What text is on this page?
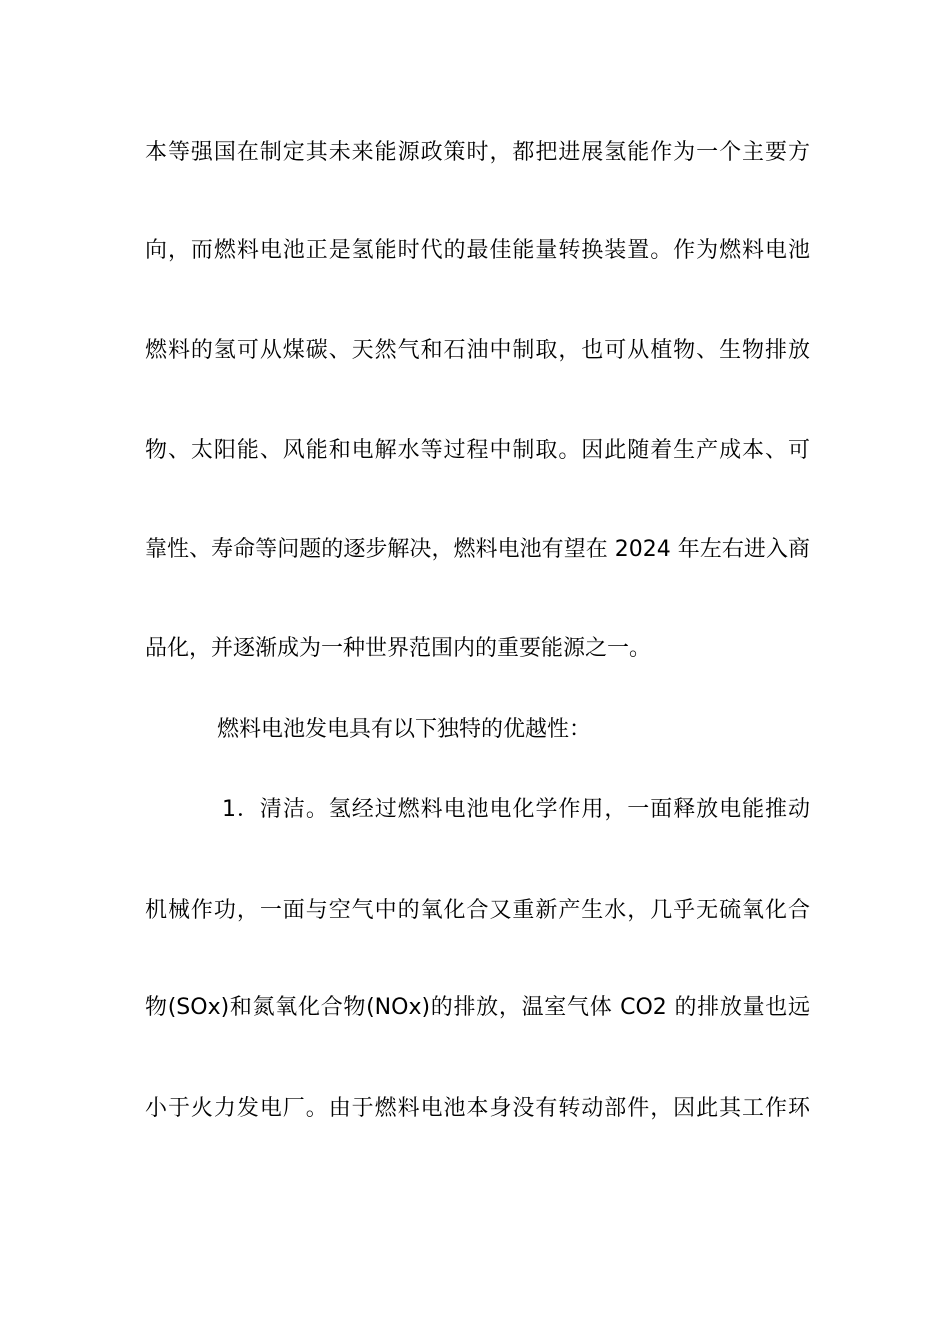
本等强国在制定其未来能源政策时，都把进展氢能作为一个主要方
向，而燃料电池正是氢能时代的最佳能量转换装置。作为燃料电池
燃料的氢可从煤碳、天然气和石油中制取，也可从植物、生物排放
物、太阳能、风能和电解水等过程中制取。因此随着生产成本、可
靠性、寿命等问题的逐步解决，燃料电池有望在 2024 年左右进入商
品化，并逐渐成为一种世界范围内的重要能源之一。
燃料电池发电具有以下独特的优越性：
1．清洁。氢经过燃料电池电化学作用，一面释放电能推动
机械作功，一面与空气中的氧化合又重新产生水，几乎无硫氧化合
物(SOx)和氮氧化合物(NOx)的排放，温室气体 CO2 的排放量也远
小于火力发电厂。由于燃料电池本身没有转动部件，因此其工作环
